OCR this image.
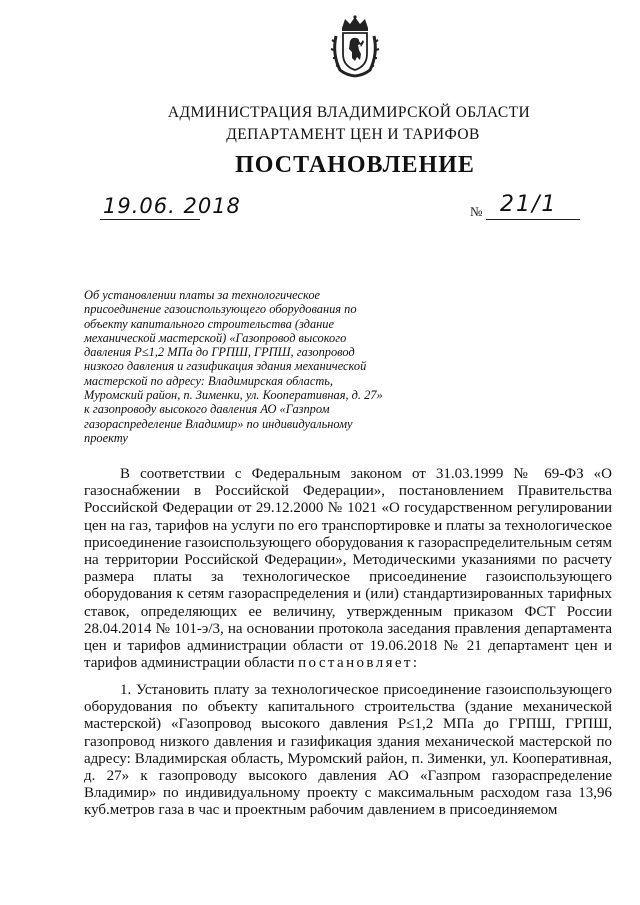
АДМИНИСТРАЦИЯ ВЛАДИМИРСКОЙ ОБЛАСТИ
ДЕПАРТАМЕНТ ЦЕН И ТАРИФОВ
ПОСТАНОВЛЕНИЕ
19.06. 2018	№ 21/1
Об установлении платы за технологическое присоединение газоиспользующего оборудования по объекту капитального строительства (здание механической мастерской) «Газопровод высокого давления Р≤1,2 МПа до ГРПШ, ГРПШ, газопровод низкого давления и газификация здания механической мастерской по адресу: Владимирская область, Муромский район, п. Зименки, ул. Кооперативная, д. 27» к газопроводу высокого давления АО «Газпром газораспределение Владимир» по индивидуальному проекту
В соответствии с Федеральным законом от 31.03.1999 № 69-ФЗ «О газоснабжении в Российской Федерации», постановлением Правительства Российской Федерации от 29.12.2000 № 1021 «О государственном регулировании цен на газ, тарифов на услуги по его транспортировке и платы за технологическое присоединение газоиспользующего оборудования к газораспределительным сетям на территории Российской Федерации», Методическими указаниями по расчету размера платы за технологическое присоединение газоиспользующего оборудования к сетям газораспределения и (или) стандартизированных тарифных ставок, определяющих ее величину, утвержденным приказом ФСТ России 28.04.2014 № 101-э/3, на основании протокола заседания правления департамента цен и тарифов администрации области от 19.06.2018 № 21 департамент цен и тарифов администрации области постановляет:
1. Установить плату за технологическое присоединение газоиспользующего оборудования по объекту капитального строительства (здание механической мастерской) «Газопровод высокого давления Р≤1,2 МПа до ГРПШ, ГРПШ, газопровод низкого давления и газификация здания механической мастерской по адресу: Владимирская область, Муромский район, п. Зименки, ул. Кооперативная, д. 27» к газопроводу высокого давления АО «Газпром газораспределение Владимир» по индивидуальному проекту с максимальным расходом газа 13,96 куб.метров газа в час и проектным рабочим давлением в присоединяемом
